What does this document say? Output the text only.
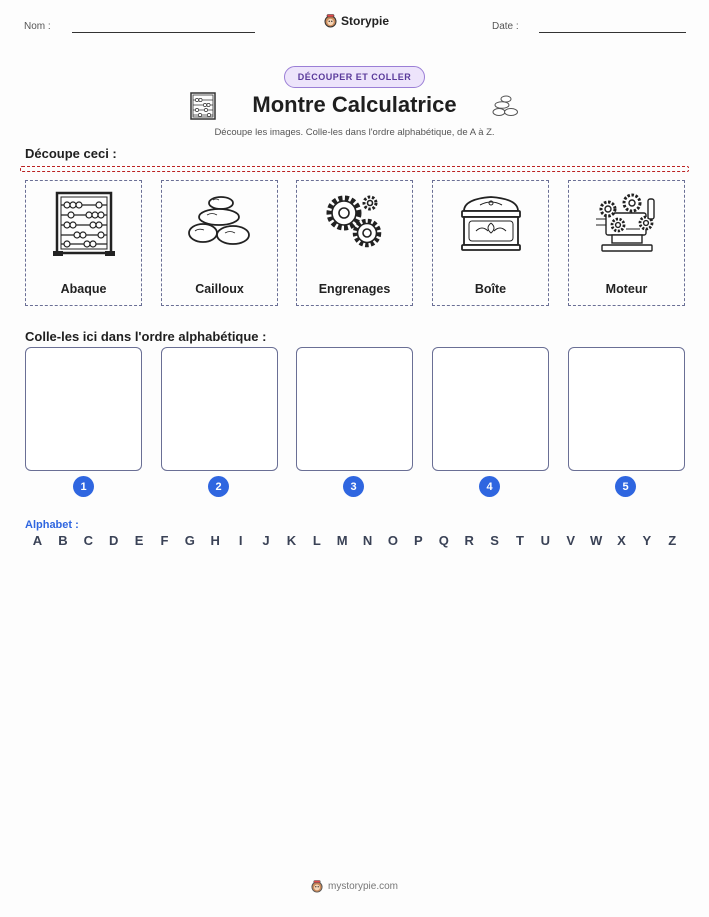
Nom :	Storypie	Date :
DÉCOUPER ET COLLER
Montre Calculatrice
Découpe les images. Colle-les dans l'ordre alphabétique, de A à Z.
Découpe ceci :
Abaque	Cailloux	Engrenages	Boîte	Moteur
Colle-les ici dans l'ordre alphabétique :
1	2	3	4	5
Alphabet :
A	B	C	D	E	F	G	H	I	J	K	L	M	N	O	P	Q	R	S	T	U	V	W	X	Y	Z
mystorypie.com
